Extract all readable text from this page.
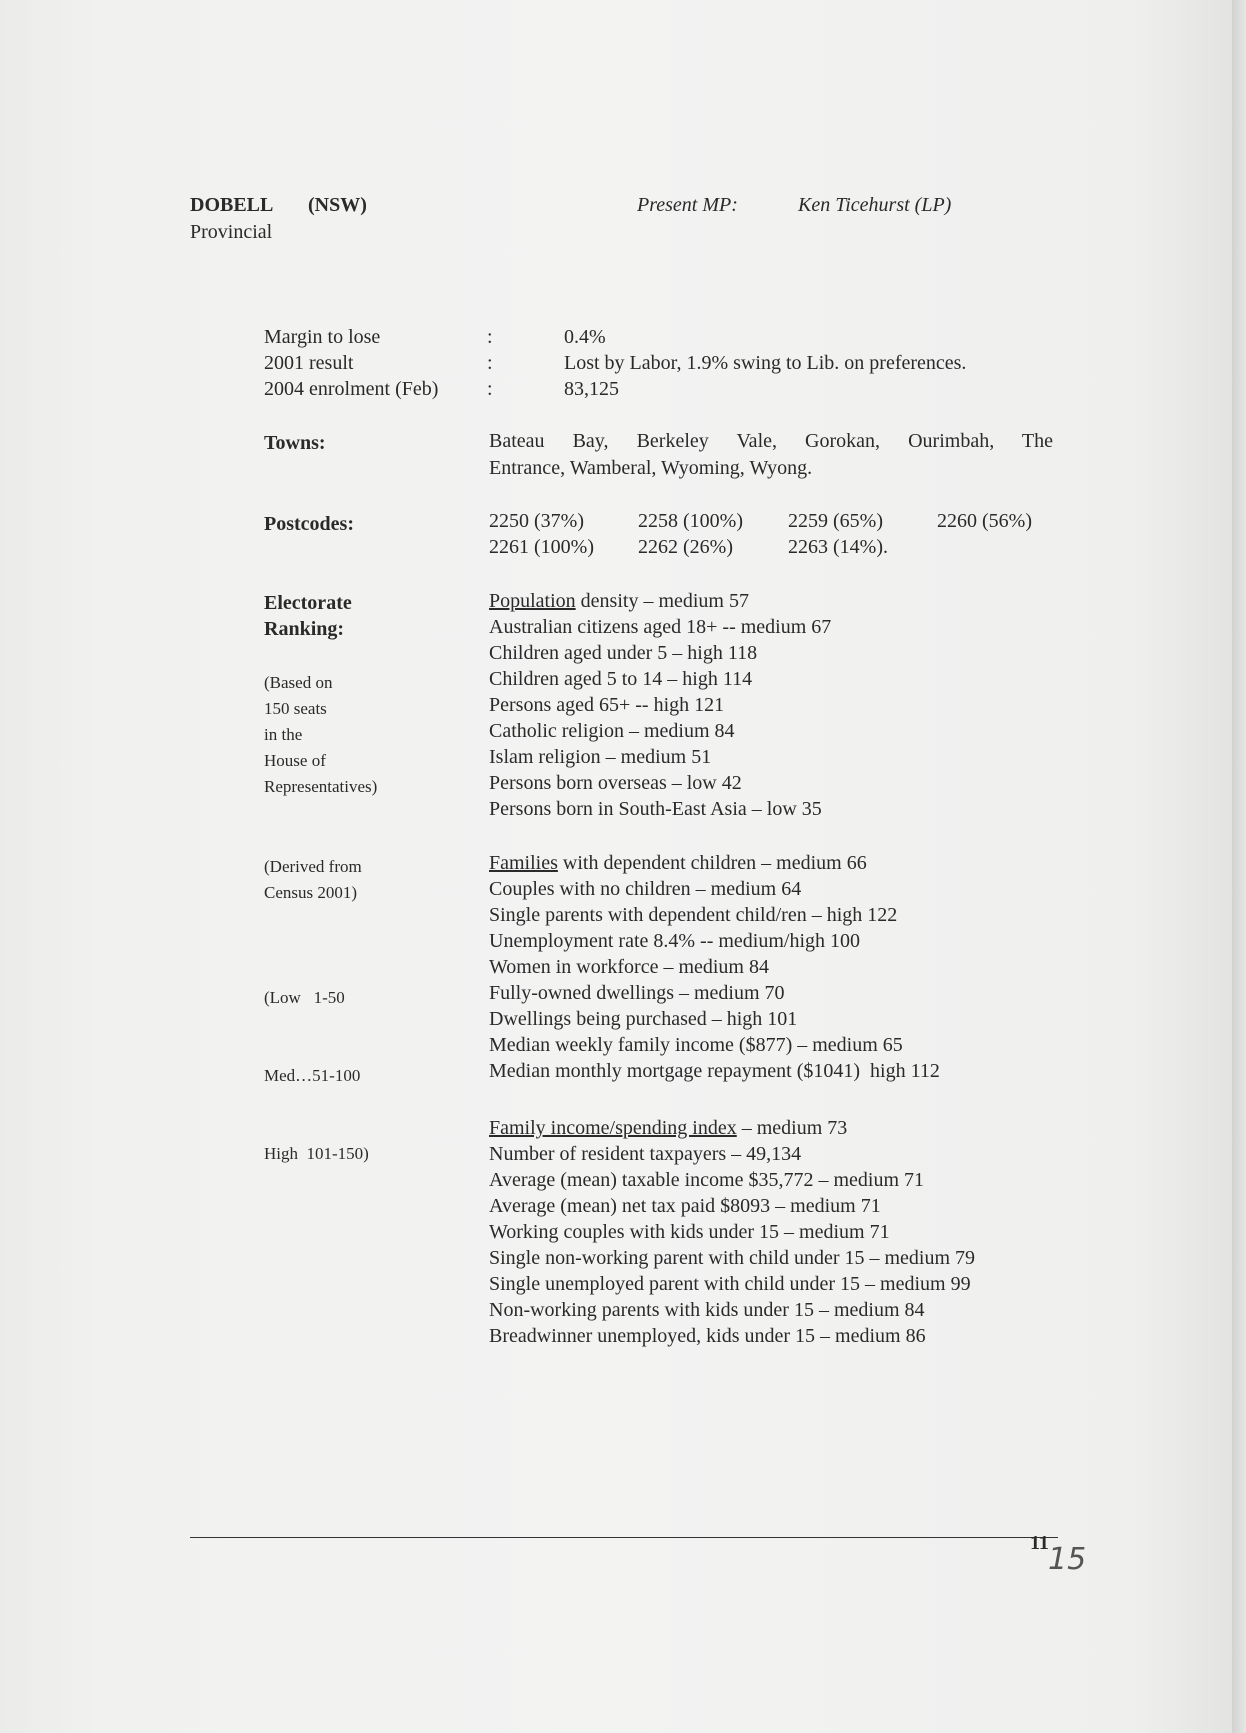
DOBELL (NSW)
Provincial
Present MP:	Ken Ticehurst (LP)
Margin to lose	:	0.4%
2001 result	:	Lost by Labor, 1.9% swing to Lib. on preferences.
2004 enrolment (Feb) :	83,125
Towns:	Bateau Bay, Berkeley Vale, Gorokan, Ourimbah, The
Entrance, Wamberal, Wyoming, Wyong.
Postcodes:	2250 (37%)	2258 (100%) 2259 (65%)	2260 (56%)
2261 (100%) 2262 (26%)	2263 (14%).
Electorate
Ranking:
(Based on
150 seats
in the
House of
Representatives)
(Derived from
Census 2001)

(Low   1-50

Med…51-100

High  101-150)

Population density – medium 57
Australian citizens aged 18+ -- medium 67
Children aged under 5 – high 118
Children aged 5 to 14 – high 114
Persons aged 65+ -- high 121
Catholic religion – medium 84
Islam religion – medium 51
Persons born overseas – low 42
Persons born in South-East Asia – low 35
Families with dependent children – medium 66
Couples with no children – medium 64
Single parents with dependent child/ren – high 122
Unemployment rate 8.4% -- medium/high 100
Women in workforce – medium 84
Fully-owned dwellings – medium 70
Dwellings being purchased – high 101
Median weekly family income ($877) – medium 65
Median monthly mortgage repayment ($1041)  high 112
Family income/spending index – medium 73
Number of resident taxpayers – 49,134
Average (mean) taxable income $35,772 – medium 71
Average (mean) net tax paid $8093 – medium 71
Working couples with kids under 15 – medium 71
Single non-working parent with child under 15 – medium 79
Single unemployed parent with child under 15 – medium 99
Non-working parents with kids under 15 – medium 84
Breadwinner unemployed, kids under 15 – medium 86
11 15
